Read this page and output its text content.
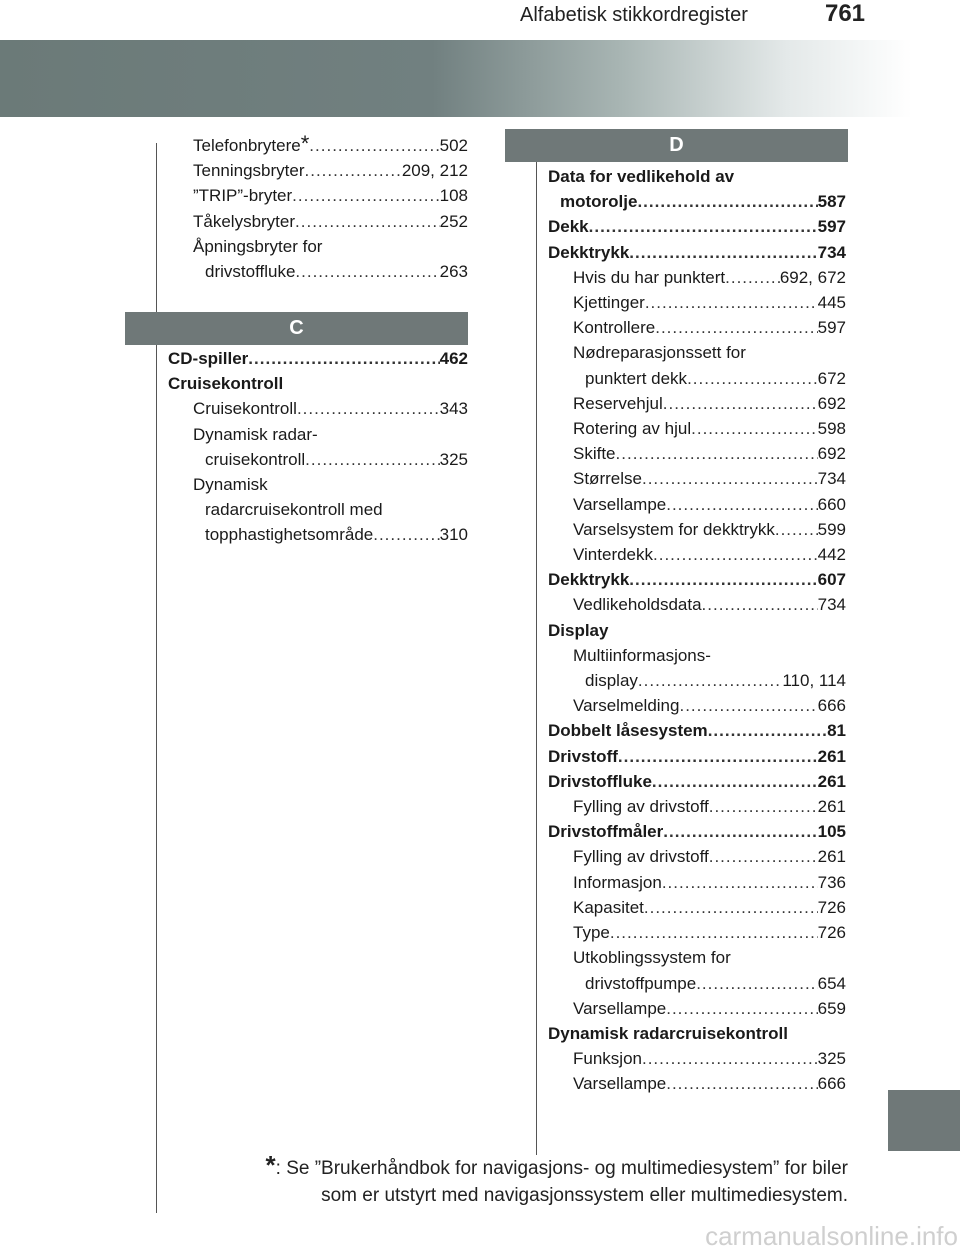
Alfabetisk stikkordregister	761
Telefonbrytere * .....	502
Tenningsbryter .....	209, 212
”TRIP”-bryter .....	108
Tåkelysbryter .....	252
Åpningsbryter for
drivstoffluke .....	263
C
CD-spiller .....	462
Cruisekontroll
Cruisekontroll .....	343
Dynamisk radar-
cruisekontroll .....	325
Dynamisk
radarcruisekontroll med
topphastighetsområde .....	310
D
Data for vedlikehold av
motorolje .....	587
Dekk .....	597
Dekktrykk .....	734
Hvis du har punktert .....	692, 672
Kjettinger .....	445
Kontrollere .....	597
Nødreparasjonssett for
punktert dekk .....	672
Reservehjul .....	692
Rotering av hjul .....	598
Skifte .....	692
Størrelse .....	734
Varsellampe .....	660
Varselsystem for dekktrykk .....	599
Vinterdekk .....	442
Dekktrykk .....	607
Vedlikeholdsdata .....	734
Display
Multiinformasjons-
display .....	110, 114
Varselmelding .....	666
Dobbelt låsesystem .....	81
Drivstoff .....	261
Drivstoffluke .....	261
Fylling av drivstoff .....	261
Drivstoffmåler .....	105
Fylling av drivstoff .....	261
Informasjon .....	736
Kapasitet .....	726
Type .....	726
Utkoblingssystem for
drivstoffpumpe .....	654
Varsellampe .....	659
Dynamisk radarcruisekontroll
Funksjon .....	325
Varsellampe .....	666
*: Se ”Brukerhåndbok for navigasjons- og multimediesystem” for biler
som er utstyrt med navigasjonssystem eller multimediesystem.
carmanualsonline.info
